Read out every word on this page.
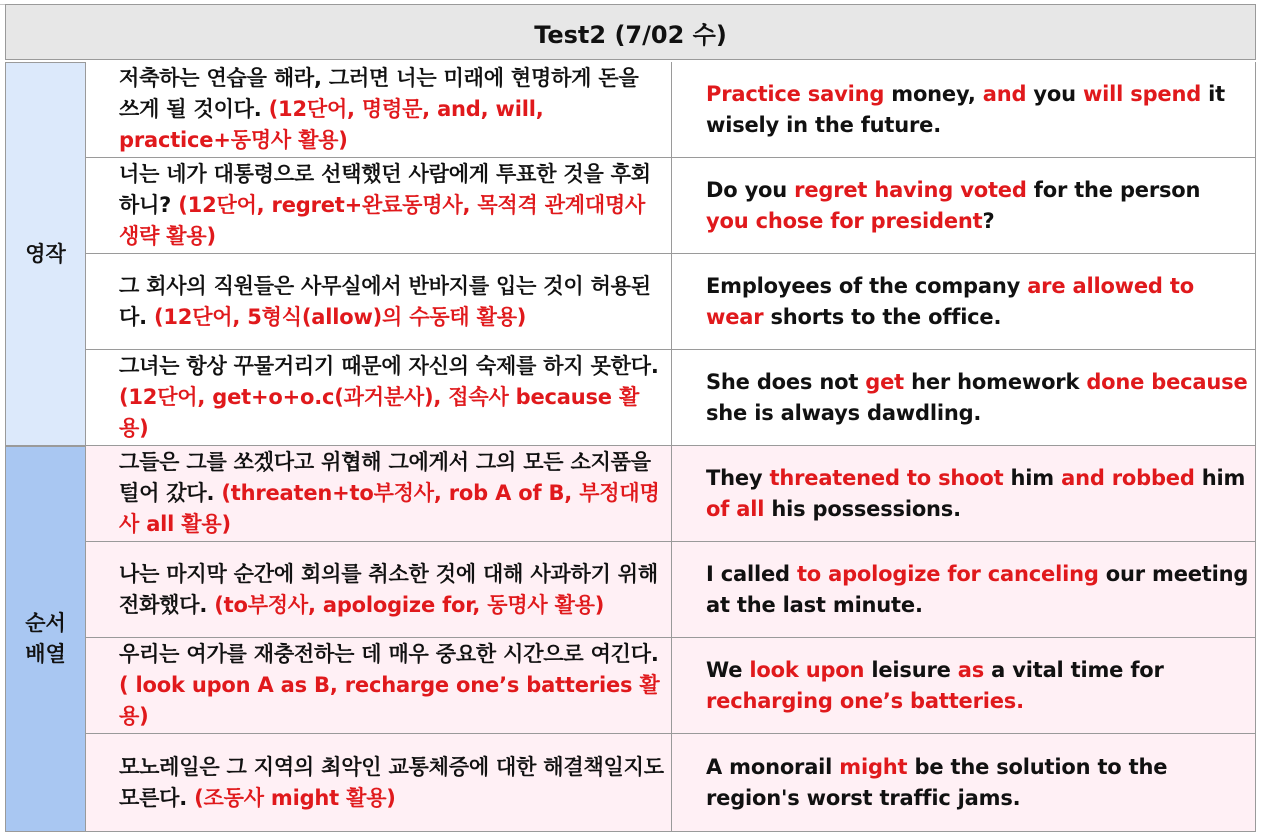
Test2 (7/02 수)
영작
순서
배열
저축하는 연습을 해라, 그러면 너는 미래에 현명하게 돈을 쓰게 될 것이다. (12단어, 명령문, and, will, practice+동명사 활용)
Practice saving money, and you will spend it wisely in the future.
너는 네가 대통령으로 선택했던 사람에게 투표한 것을 후회하니? (12단어, regret+완료동명사, 목적격 관계대명사 생략 활용)
Do you regret having voted for the person you chose for president?
그 회사의 직원들은 사무실에서 반바지를 입는 것이 허용된다. (12단어, 5형식(allow)의 수동태 활용)
Employees of the company are allowed to wear shorts to the office.
그녀는 항상 꾸물거리기 때문에 자신의 숙제를 하지 못한다. (12단어, get+o+o.c(과거분사), 접속사 because 활용)
She does not get her homework done because she is always dawdling.
그들은 그를 쏘겠다고 위협해 그에게서 그의 모든 소지품을 털어 갔다. (threaten+to부정사, rob A of B, 부정대명사 all 활용)
They threatened to shoot him and robbed him of all his possessions.
나는 마지막 순간에 회의를 취소한 것에 대해 사과하기 위해 전화했다. (to부정사, apologize for, 동명사 활용)
I called to apologize for canceling our meeting at the last minute.
우리는 여가를 재충전하는 데 매우 중요한 시간으로 여긴다. ( look upon A as B, recharge one’s batteries 활용)
We look upon leisure as a vital time for recharging one’s batteries.
모노레일은 그 지역의 최악인 교통체증에 대한 해결책일지도 모른다. (조동사 might 활용)
A monorail might be the solution to the region's worst traffic jams.
